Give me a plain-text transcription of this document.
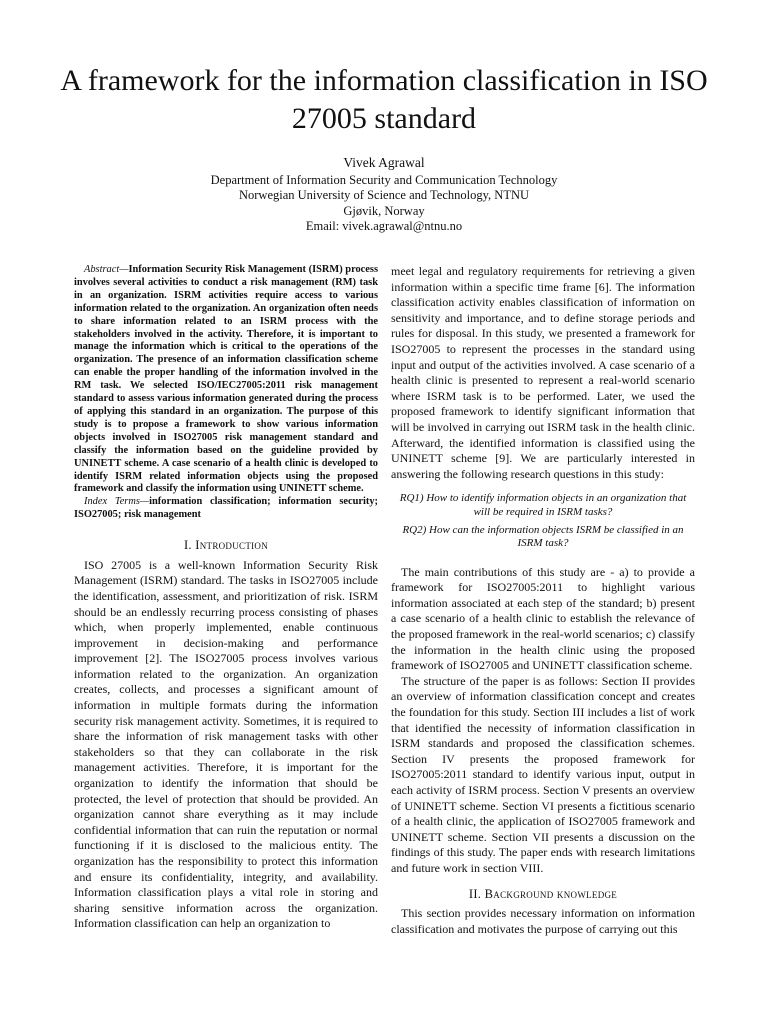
A framework for the information classification in ISO 27005 standard
Vivek Agrawal
Department of Information Security and Communication Technology
Norwegian University of Science and Technology, NTNU
Gjøvik, Norway
Email: vivek.agrawal@ntnu.no

Abstract—Information Security Risk Management (ISRM) process involves several activities to conduct a risk management (RM) task in an organization. ISRM activities require access to various information related to the organization. An organization often needs to share information related to an ISRM process with the stakeholders involved in the activity. Therefore, it is important to manage the information which is critical to the operations of the organization. The presence of an information classification scheme can enable the proper handling of the information involved in the RM task. We selected ISO/IEC27005:2011 risk management standard to assess various information generated during the process of applying this standard in an organization. The purpose of this study is to propose a framework to show various information objects involved in ISO27005 risk management standard and classify the information based on the guideline provided by UNINETT scheme. A case scenario of a health clinic is developed to identify ISRM related information objects using the proposed framework and classify the information using UNINETT scheme.

Index Terms—information classification; information security; ISO27005; risk management

I. Introduction

ISO 27005 is a well-known Information Security Risk Management (ISRM) standard. The tasks in ISO27005 include the identification, assessment, and prioritization of risk. ISRM should be an endlessly recurring process consisting of phases which, when properly implemented, enable continuous improvement in decision-making and performance improvement [2]. The ISO27005 process involves various information related to the organization. An organization creates, collects, and processes a significant amount of information in multiple formats during the information security risk management activity. Sometimes, it is required to share the information of risk management tasks with other stakeholders so that they can collaborate in the risk management activities. Therefore, it is important for the organization to identify the information that should be protected, the level of protection that should be provided. An organization cannot share everything as it may include confidential information that can ruin the reputation or normal functioning if it is disclosed to the malicious entity. The organization has the responsibility to protect this information and ensure its confidentiality, integrity, and availability. Information classification plays a vital role in storing and sharing sensitive information across the organization. Information classification can help an organization to

meet legal and regulatory requirements for retrieving a given information within a specific time frame [6]. The information classification activity enables classification of information on sensitivity and importance, and to define storage periods and rules for disposal. In this study, we presented a framework for ISO27005 to represent the processes in the standard using input and output of the activities involved. A case scenario of a health clinic is presented to represent a real-world scenario where ISRM task is to be performed. Later, we used the proposed framework to identify significant information that will be involved in carrying out ISRM task in the health clinic. Afterward, the identified information is classified using the UNINETT scheme [9]. We are particularly interested in answering the following research questions in this study:

RQ1) How to identify information objects in an organization that will be required in ISRM tasks?

RQ2) How can the information objects ISRM be classified in an ISRM task?

The main contributions of this study are - a) to provide a framework for ISO27005:2011 to highlight various information associated at each step of the standard; b) present a case scenario of a health clinic to establish the relevance of the proposed framework in the real-world scenarios; c) classify the information in the health clinic using the proposed framework of ISO27005 and UNINETT classification scheme.

The structure of the paper is as follows: Section II provides an overview of information classification concept and creates the foundation for this study. Section III includes a list of work that identified the necessity of information classification in ISRM standards and proposed the classification schemes. Section IV presents the proposed framework for ISO27005:2011 standard to identify various input, output in each activity of ISRM process. Section V presents an overview of UNINETT scheme. Section VI presents a fictitious scenario of a health clinic, the application of ISO27005 framework and UNINETT scheme. Section VII presents a discussion on the findings of this study. The paper ends with research limitations and future work in section VIII.

II. Background knowledge

This section provides necessary information on information classification and motivates the purpose of carrying out this
